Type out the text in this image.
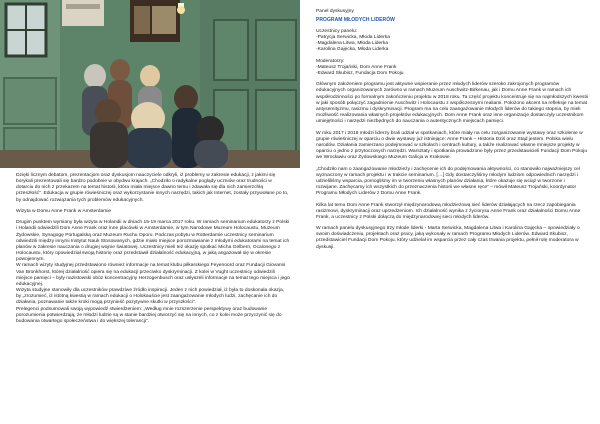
Dzięki licznym debatom, prezentacjom oraz dyskusjom nauczyciele odkryli, iż problemy w zakresie edukacji, z jakimi się borykali prezentowali się bardzo podobnie w obydwu krajach. „Chodziło o radykalne poglądy uczniów oraz trudności w dotarciu do nich z przekazem na temat historii, która miała miejsce dawno temu i zdawała się dla nich zamierzchłą przeszłość”. Edukacja w grupie rówieśniczej oraz wykorzystanie innych narzędzi, takich jak Internet, zostały przywołane po to, by odnajdować rozwiązania tych problemów edukacyjnych.

Wizyta w Domu Anne Frank w Amsterdamie

Drugim punktem wymiany była wizyta w Holandii w dniach 15-19 marca 2017 roku. W ramach seminarium edukatorzy z Polski i Holandii odwiedzili Dom Anne Frank oraz inne placówki w Amsterdamie, w tym Narodowe Muzeum Holocaustu, Muzeum Żydowskie, Synagogę Portugalską oraz Muzeum Ruchu Oporu. Podczas pobytu w Rotterdamie uczestnicy seminarium odwiedzili między innymi Instytut Nauk Stosowanych, gdzie miało miejsce porozmawianie z młodymi edukatorami na temat ich planów w zakresie nauczania o drugiej wojnie światowej. Uczestnicy mieli też okazję spotkać Micha Gelbern, Ocalonego z Holocaustu, który opowiedział swoją historię oraz przedstawił działalność edukacyjną, w jaką angażował się w okresie powojennym.

W ramach wizyty studyjnej przedstawiono również informacje na temat klubu piłkarskiego Feyenoord oraz Fundacji Giovanni Van Bronkhorst, której działalność opiera się na edukacji przeciwko dyskryminacji. Z kolei w Vught uczestnicy odwiedzili miejsce pamięci – były nazistowski obóz koncentracyjny Herzogenbusch oraz usłyszeli informacje na temat tego miejsca i jego edukacyjnej.

Wizyta studyjne stanowiły dla uczestników prawdziwe źródło inspiracji. Jeden z nich powiedział, iż była to doskonała okazja, by „zrozumieć, iż istotną kwestią w ramach edukacji o Holokauście jest zaangażowanie młodych ludzi, zachęcanie ich do działania, poznawanie także kroki mogą przynieść pozytywne skutki w przyszłości”.

Prelegenci podsumowali swoją wypowiedź stwierdzeniem: „Według mnie rozszerzenie perspektywy oraz budowanie porozumienia potwierdzają, że młodzi ludzie są w stanie bardziej otworzyć się na innych, co z kolei może przyczynić się do budowania otwartego społeczeństwa i do większej tolerancji”.

Panel dyskusyjny
PROGRAM MŁODYCH LIDERÓW
Uczestnicy panelu:
-Patrycja Serwicka, Młoda Liderka
-Magdalena Litwa, Młoda Liderka
-Karolina Gajęcka, Młoda Liderka
Moderatorzy:
-Mateusz Trojański, Dom Anne Frank
-Edward Skubisz, Fundacja Dom Pokoju

Głównym założeniem programu jest aktywne wspieranie przez młodych liderów szeroko zakrojonych programów edukacyjnych organizowanych zarówno w ramach Muzeum Auschwitz-Birkenau, jak i Domu Anne Frank w ramach ich współrodzinności po formalnym zakończeniu projektu w 2018 roku. Ta część projektu koncentruje się na najmłodszych kwestii w jaki sposób połączyć zagadnienie Auschwitz i Holocaustu z współczesnymi realiami. Położono akcent na refleksje na temat antysemityzmu, rasizmu i dyskryminacji. Program ma na celu zaangażowanie młodych liderów do takiego stopnia, by mieli możliwość realizowania własnych projektów edukacyjnych. Dom Anne Frank oraz inne organizacje dostarczyły uczestnikom umiejętności i narzędzi niezbędnych do nauczania o autentycznych miejscach pamięci.

W roku 2017 i 2018 młodzi liderzy brali udział w spotkaniach, które miały na celu zorganizowanie wystawy oraz szkolenie w grupie rówieśniczej w oparciu o dwie wystawy już istniejące: Anne Frank – Historia Dziś oraz Stąd jestem. Polska wielu narodów. Działania zamierzano podejmować w szkołach i centrach kultury, a także realizować własne mniejsze projekty w oparciu o jedno z przytoczonych narzędzi. Warsztaty i spotkania prowadzone były przez przedstawicieli Fundacji Dom Pokoju we Wrocławiu oraz Żydowskiego Muzeum Galicja w Krakowie.

„Chodziło nam o zaangażowanie młodzieży i zachęcenie ich do podejmowania aktywności, co stanowiło najważniejszy cel wyznaczony w ramach projektu i w trakcie seminarium. […] Gdy dostarczyliśmy młodym ludziom odpowiednich narzędzi i udzieliliśmy wsparcia, pomogliśmy im w tworzeniu własnych planów działania, które okazuje się wciąż w tworzone i rozwijane. Zachęcamy ich wszystkich do przeznaczenia historii we własne ręce” – mówił Mateusz Trojański, koordynator Programu Młodych Liderów z Domu Anne Frank.

Kilka lat temu Dom Anne Frank stworzył międzynarodową młodzieżową sieć liderów działających na rzecz zapobiegania rasizmowi, dyskryminacji oraz uprzedzeniom. Ich działalność wynika z życiorysu Anne Frank oraz działalności Domu Anne Frank, a uczestnicy z Polski dołączą do międzynarodowej sieci młodych liderów.

W ramach panelu dyskusyjnego trzy młode liderki - Marta Serwicka, Magdalena Litwa i Karolina Gajęcka – opowiedziały o swoim doświadczeniu, projektach oraz pracy, jaką wykonały w ramach Programu Młodych Liderów. Edward Skubisz, przedstawiciel Fundacji Dom Pokoju, który udzielał im wsparcia przez cały czas trwania projektu, pełnił rolę moderatora w dyskusji.
